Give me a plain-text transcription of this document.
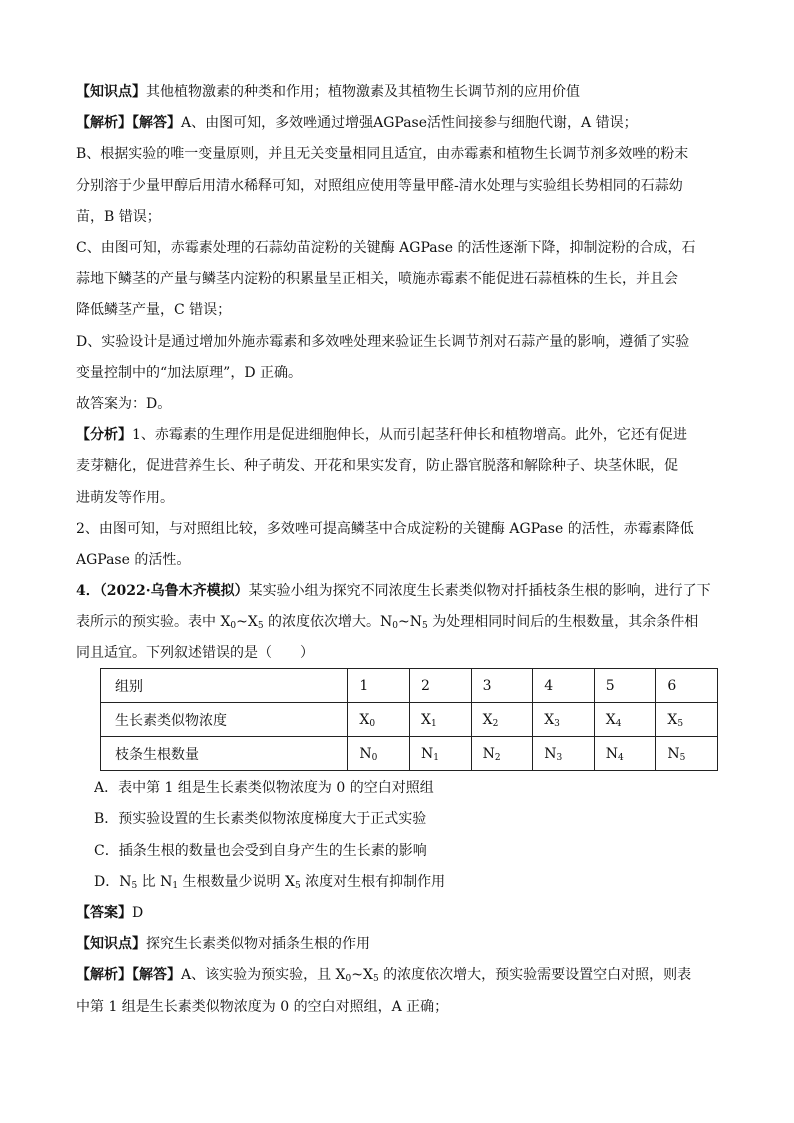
【知识点】其他植物激素的种类和作用；植物激素及其植物生长调节剂的应用价值
【解析】【解答】A、由图可知，多效唑通过增强AGPase活性间接参与细胞代谢，A 错误；
B、根据实验的唯一变量原则，并且无关变量相同且适宜，由赤霉素和植物生长调节剂多效唑的粉末
分别溶于少量甲醇后用清水稀释可知，对照组应使用等量甲醛-清水处理与实验组长势相同的石蒜幼
苗，B 错误；
C、由图可知，赤霉素处理的石蒜幼苗淀粉的关键酶 AGPase 的活性逐渐下降，抑制淀粉的合成，石
蒜地下鳞茎的产量与鳞茎内淀粉的积累量呈正相关，喷施赤霉素不能促进石蒜植株的生长，并且会
降低鳞茎产量，C 错误；
D、实验设计是通过增加外施赤霉素和多效唑处理来验证生长调节剂对石蒜产量的影响，遵循了实验
变量控制中的“加法原理”，D 正确。
故答案为：D。
【分析】1、赤霉素的生理作用是促进细胞伸长，从而引起茎秆伸长和植物增高。此外，它还有促进
麦芽糖化，促进营养生长、种子萌发、开花和果实发育，防止器官脱落和解除种子、块茎休眠，促
进萌发等作用。
2、由图可知，与对照组比较，多效唑可提高鳞茎中合成淀粉的关键酶 AGPase 的活性，赤霉素降低
AGPase 的活性。
4．（2022·乌鲁木齐模拟）某实验小组为探究不同浓度生长素类似物对扦插枝条生根的影响，进行了下
表所示的预实验。表中 $X_0\sim X_5$ 的浓度依次增大。$N_0\sim N_5$ 为处理相同时间后的生根数量，其余条件相
同且适宜。下列叙述错误的是（　　）
组别	1	2	3	4	5	6
生长素类似物浓度	$X_0$	$X_1$	$X_2$	$X_3$	$X_4$	$X_5$
枝条生根数量	$N_0$	$N_1$	$N_2$	$N_3$	$N_4$	$N_5$
A．表中第 1 组是生长素类似物浓度为 0 的空白对照组
B．预实验设置的生长素类似物浓度梯度大于正式实验
C．插条生根的数量也会受到自身产生的生长素的影响
D．$N_5$ 比 $N_1$ 生根数量少说明 $X_5$ 浓度对生根有抑制作用
【答案】D
【知识点】探究生长素类似物对插条生根的作用
【解析】【解答】A、该实验为预实验，且 $X_0\sim X_5$ 的浓度依次增大，预实验需要设置空白对照，则表
中第 1 组是生长素类似物浓度为 0 的空白对照组，A 正确；
